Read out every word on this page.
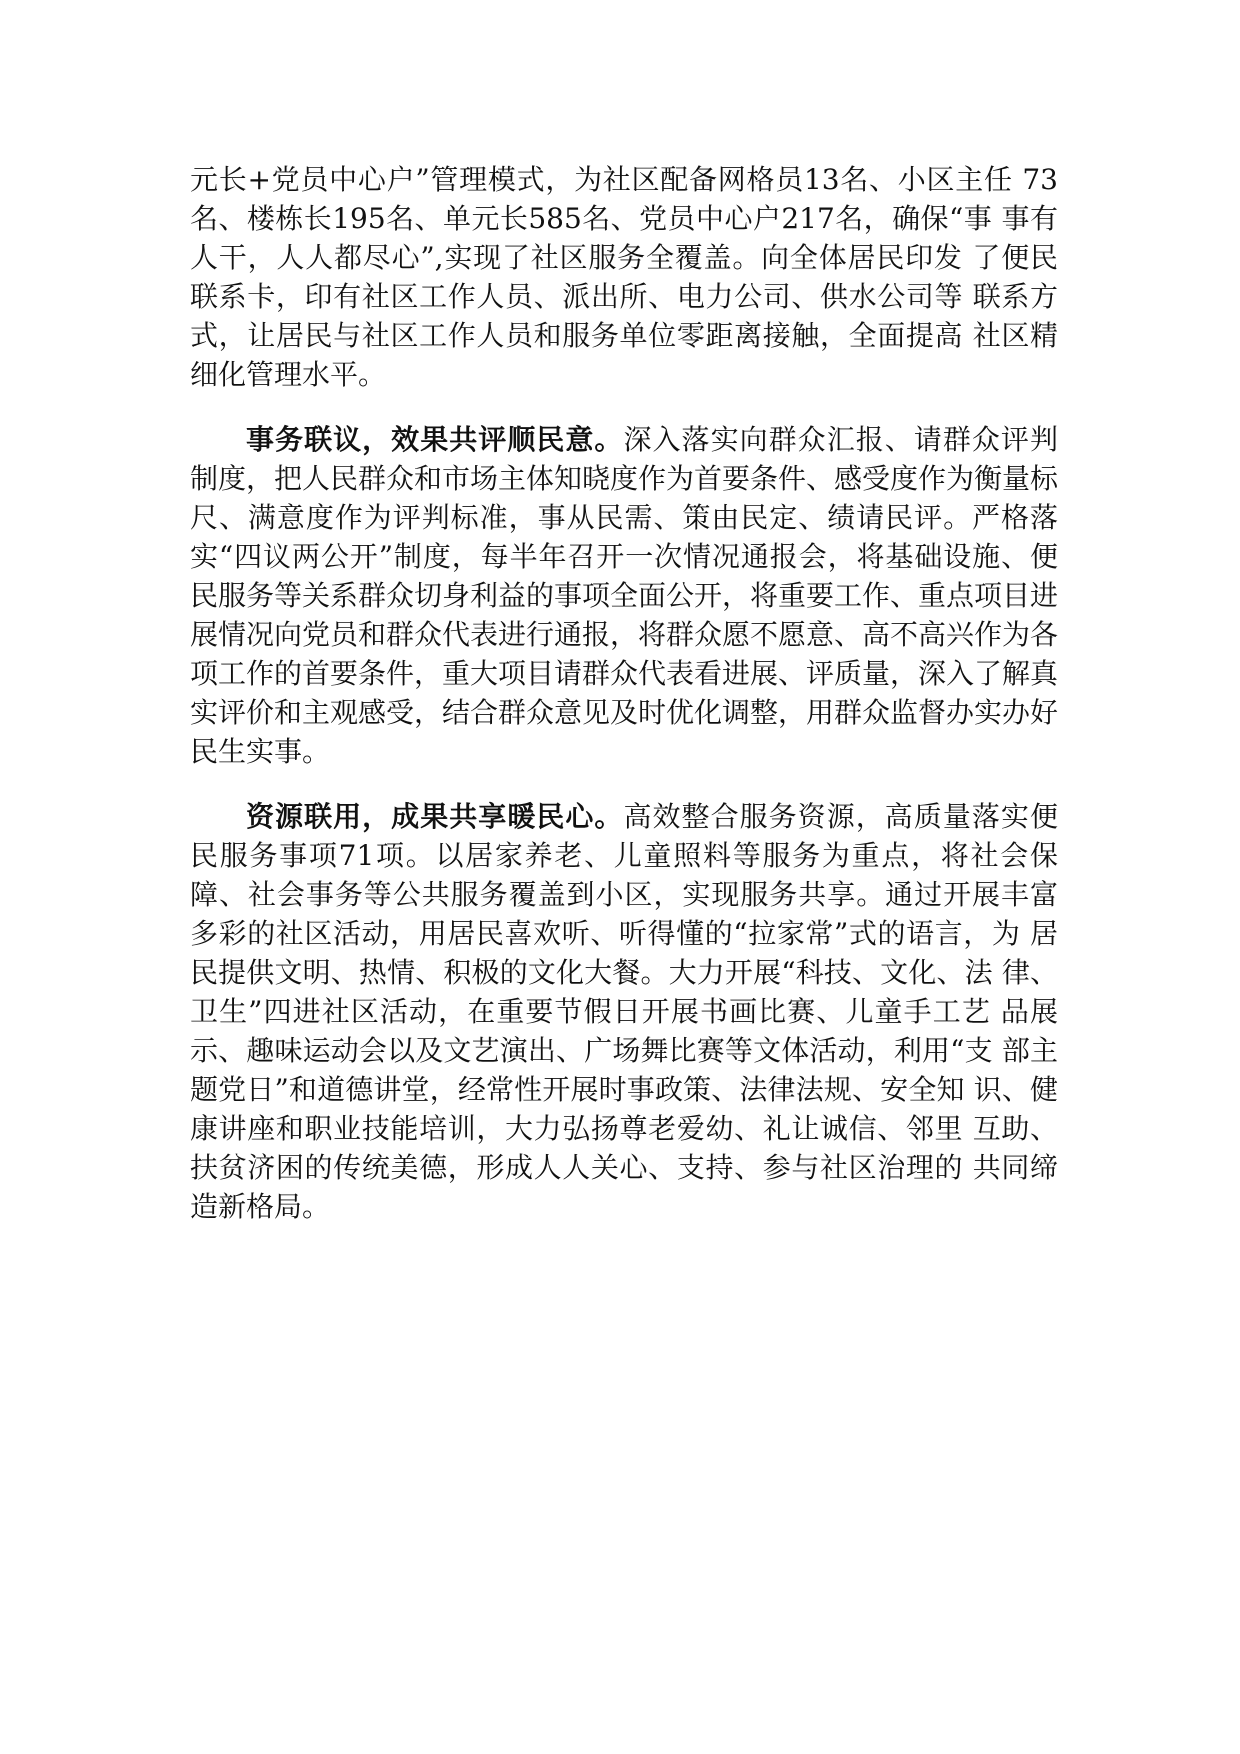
元长+党员中心户”管理模式，为社区配备网格员13名、小区主任 73名、楼栋长195名、单元长585名、党员中心户217名，确保“事 事有人干，人人都尽心”,实现了社区服务全覆盖。向全体居民印发 了便民联系卡，印有社区工作人员、派出所、电力公司、供水公司等 联系方式，让居民与社区工作人员和服务单位零距离接触，全面提高 社区精细化管理水平。

事务联议，效果共评顺民意。深入落实向群众汇报、请群众评判制度，把人民群众和市场主体知晓度作为首要条件、感受度作为衡量标尺、满意度作为评判标准，事从民需、策由民定、绩请民评。严格落实“四议两公开”制度，每半年召开一次情况通报会，将基础设施、便民服务等关系群众切身利益的事项全面公开，将重要工作、重点项目进展情况向党员和群众代表进行通报，将群众愿不愿意、高不高兴作为各项工作的首要条件，重大项目请群众代表看进展、评质量，深入了解真实评价和主观感受，结合群众意见及时优化调整，用群众监督办实办好民生实事。

资源联用，成果共享暖民心。高效整合服务资源，高质量落实便民服务事项71项。以居家养老、儿童照料等服务为重点，将社会保 障、社会事务等公共服务覆盖到小区，实现服务共享。通过开展丰富 多彩的社区活动，用居民喜欢听、听得懂的“拉家常”式的语言，为 居民提供文明、热情、积极的文化大餐。大力开展“科技、文化、法 律、卫生”四进社区活动，在重要节假日开展书画比赛、儿童手工艺 品展示、趣味运动会以及文艺演出、广场舞比赛等文体活动，利用“支 部主题党日”和道德讲堂，经常性开展时事政策、法律法规、安全知 识、健康讲座和职业技能培训，大力弘扬尊老爱幼、礼让诚信、邻里 互助、扶贫济困的传统美德，形成人人关心、支持、参与社区治理的 共同缔造新格局。
